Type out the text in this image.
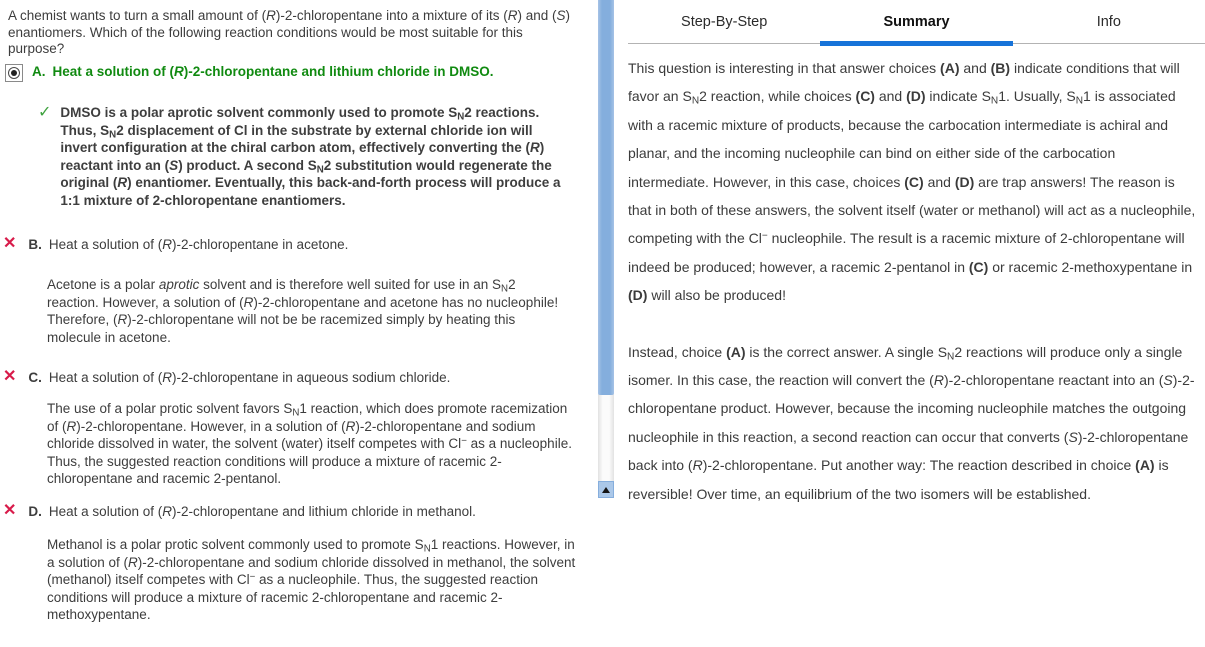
A chemist wants to turn a small amount of (R)-2-chloropentane into a mixture of its (R) and (S)
enantiomers. Which of the following reaction conditions would be most suitable for this
purpose?
A. Heat a solution of (R)-2-chloropentane and lithium chloride in DMSO.
✓ DMSO is a polar aprotic solvent commonly used to promote $S_N2$ reactions.
Thus, $S_N2$ displacement of Cl in the substrate by external chloride ion will
invert configuration at the chiral carbon atom, effectively converting the (R)
reactant into an (S) product. A second $S_N2$ substitution would regenerate the
original (R) enantiomer. Eventually, this back-and-forth process will produce a
1:1 mixture of 2-chloropentane enantiomers.
✕ B. Heat a solution of (R)-2-chloropentane in acetone.
Acetone is a polar aprotic solvent and is therefore well suited for use in an $S_N2$
reaction. However, a solution of (R)-2-chloropentane and acetone has no nucleophile!
Therefore, (R)-2-chloropentane will not be be racemized simply by heating this
molecule in acetone.
✕ C. Heat a solution of (R)-2-chloropentane in aqueous sodium chloride.
The use of a polar protic solvent favors $S_N1$ reaction, which does promote racemization
of (R)-2-chloropentane. However, in a solution of (R)-2-chloropentane and sodium
chloride dissolved in water, the solvent (water) itself competes with Cl− as a nucleophile.
Thus, the suggested reaction conditions will produce a mixture of racemic 2-
chloropentane and racemic 2-pentanol.
✕ D. Heat a solution of (R)-2-chloropentane and lithium chloride in methanol.
Methanol is a polar protic solvent commonly used to promote $S_N1$ reactions. However, in
a solution of (R)-2-chloropentane and sodium chloride dissolved in methanol, the solvent
(methanol) itself competes with Cl− as a nucleophile. Thus, the suggested reaction
conditions will produce a mixture of racemic 2-chloropentane and racemic 2-
methoxypentane.
Step-By-Step	Summary	Info

This question is interesting in that answer choices (A) and (B) indicate conditions that will
favor an $S_N2$ reaction, while choices (C) and (D) indicate $S_N1$. Usually, $S_N1$ is associated
with a racemic mixture of products, because the carbocation intermediate is achiral and
planar, and the incoming nucleophile can bind on either side of the carbocation
intermediate. However, in this case, choices (C) and (D) are trap answers! The reason is
that in both of these answers, the solvent itself (water or methanol) will act as a nucleophile,
competing with the Cl− nucleophile. The result is a racemic mixture of 2-chloropentane will
indeed be produced; however, a racemic 2-pentanol in (C) or racemic 2-methoxypentane in
(D) will also be produced!

Instead, choice (A) is the correct answer. A single $S_N2$ reactions will produce only a single
isomer. In this case, the reaction will convert the (R)-2-chloropentane reactant into an (S)-2-
chloropentane product. However, because the incoming nucleophile matches the outgoing
nucleophile in this reaction, a second reaction can occur that converts (S)-2-chloropentane
back into (R)-2-chloropentane. Put another way: The reaction described in choice (A) is
reversible! Over time, an equilibrium of the two isomers will be established.
